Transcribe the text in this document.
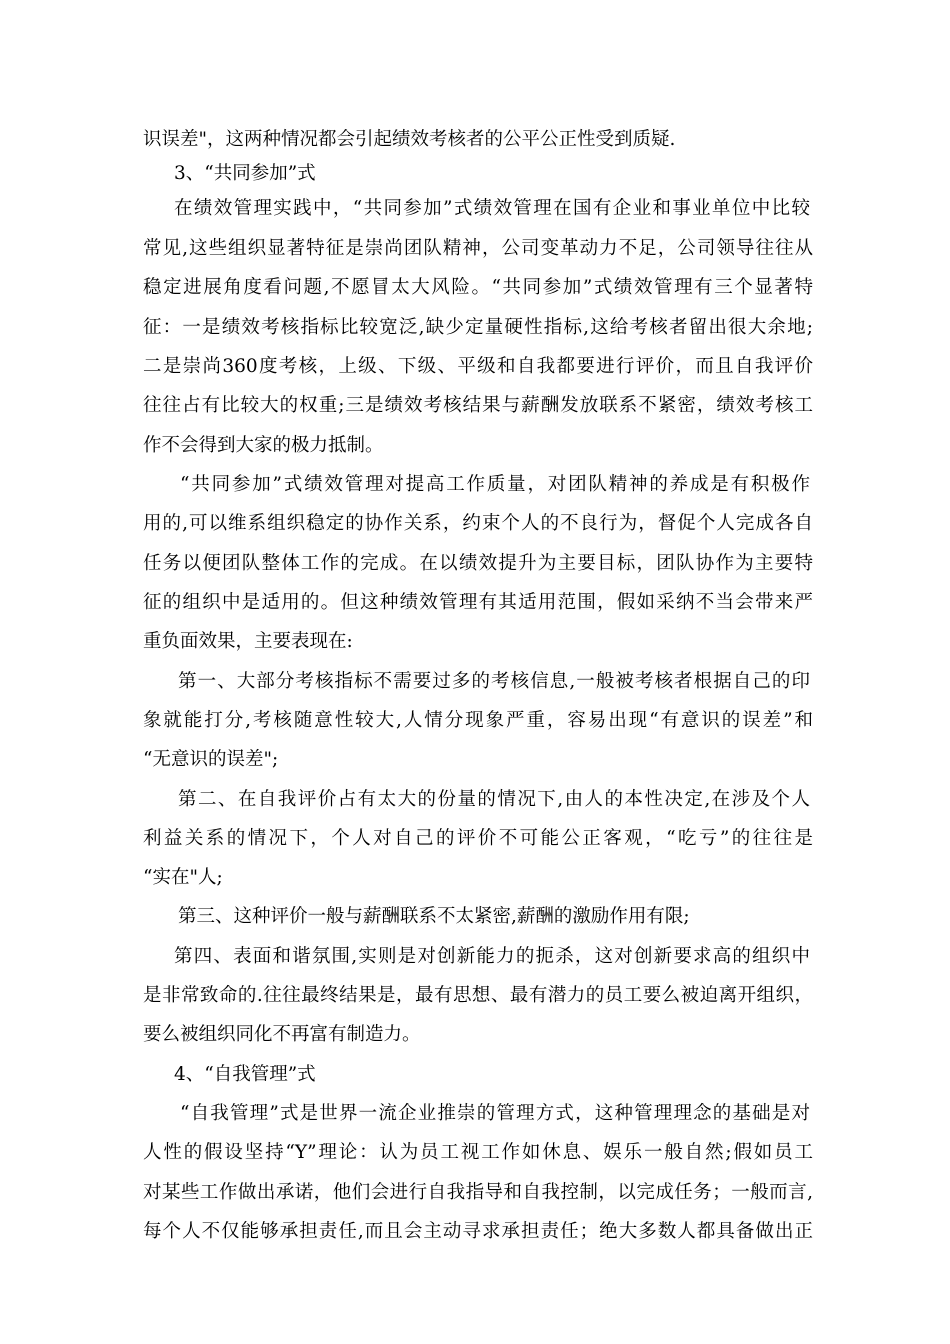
识误差"，这两种情况都会引起绩效考核者的公平公正性受到质疑.
3、“共同参加”式
在绩效管理实践中，“共同参加”式绩效管理在国有企业和事业单位中比较
常见,这些组织显著特征是崇尚团队精神，公司变革动力不足，公司领导往往从
稳定进展角度看问题,不愿冒太大风险。“共同参加”式绩效管理有三个显著特
征：一是绩效考核指标比较宽泛,缺少定量硬性指标,这给考核者留出很大余地;
二是崇尚360度考核，上级、下级、平级和自我都要进行评价，而且自我评价
往往占有比较大的权重;三是绩效考核结果与薪酬发放联系不紧密，绩效考核工
作不会得到大家的极力抵制。
“共同参加”式绩效管理对提高工作质量，对团队精神的养成是有积极作
用的,可以维系组织稳定的协作关系，约束个人的不良行为，督促个人完成各自
任务以便团队整体工作的完成。在以绩效提升为主要目标，团队协作为主要特
征的组织中是适用的。但这种绩效管理有其适用范围，假如采纳不当会带来严
重负面效果，主要表现在:
第一、大部分考核指标不需要过多的考核信息,一般被考核者根据自己的印
象就能打分,考核随意性较大,人情分现象严重，容易出现“有意识的误差”和
“无意识的误差";
第二、在自我评价占有太大的份量的情况下,由人的本性决定,在涉及个人
利益关系的情况下，个人对自己的评价不可能公正客观，“吃亏”的往往是
“实在"人;
第三、这种评价一般与薪酬联系不太紧密,薪酬的激励作用有限;
第四、表面和谐氛围,实则是对创新能力的扼杀，这对创新要求高的组织中
是非常致命的.往往最终结果是，最有思想、最有潜力的员工要么被迫离开组织，
要么被组织同化不再富有制造力。
4、“自我管理”式
“自我管理”式是世界一流企业推崇的管理方式，这种管理理念的基础是对
人性的假设坚持“Y”理论：认为员工视工作如休息、娱乐一般自然;假如员工
对某些工作做出承诺，他们会进行自我指导和自我控制，以完成任务；一般而言,
每个人不仅能够承担责任,而且会主动寻求承担责任；绝大多数人都具备做出正
